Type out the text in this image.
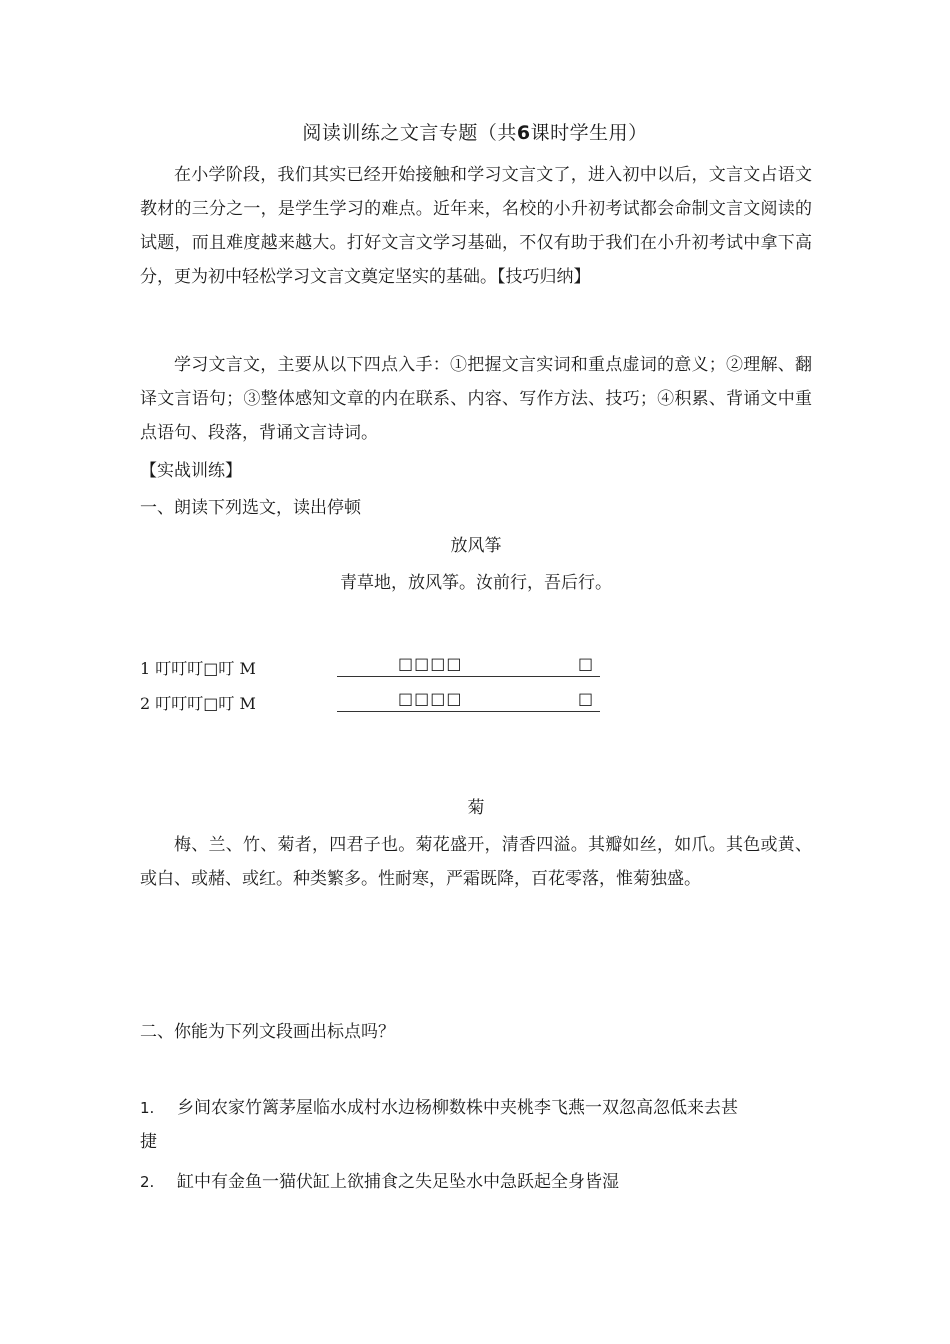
阅读训练之文言专题（共6课时学生用）
在小学阶段，我们其实已经开始接触和学习文言文了，进入初中以后，文言文占语文教材的三分之一，是学生学习的难点。近年来，名校的小升初考试都会命制文言文阅读的试题，而且难度越来越大。打好文言文学习基础，不仅有助于我们在小升初考试中拿下高分，更为初中轻松学习文言文奠定坚实的基础。【技巧归纳】
学习文言文，主要从以下四点入手：①把握文言实词和重点虚词的意义；②理解、翻译文言语句；③整体感知文章的内在联系、内容、写作方法、技巧；④积累、背诵文中重点语句、段落，背诵文言诗词。
【实战训练】
一、朗读下列选文，读出停顿
放风筝
青草地，放风筝。汝前行，吾后行。
1 叮叮叮□叮 M	□□□□	□
2 叮叮叮□叮 M	□□□□	□
菊
梅、兰、竹、菊者，四君子也。菊花盛开，清香四溢。其瓣如丝，如爪。其色或黄、或白、或赭、或红。种类繁多。性耐寒，严霜既降，百花零落，惟菊独盛。
二、你能为下列文段画出标点吗？
1. 乡间农家竹篱茅屋临水成村水边杨柳数株中夹桃李飞燕一双忽高忽低来去甚
捷
2. 缸中有金鱼一猫伏缸上欲捕食之失足坠水中急跃起全身皆湿
